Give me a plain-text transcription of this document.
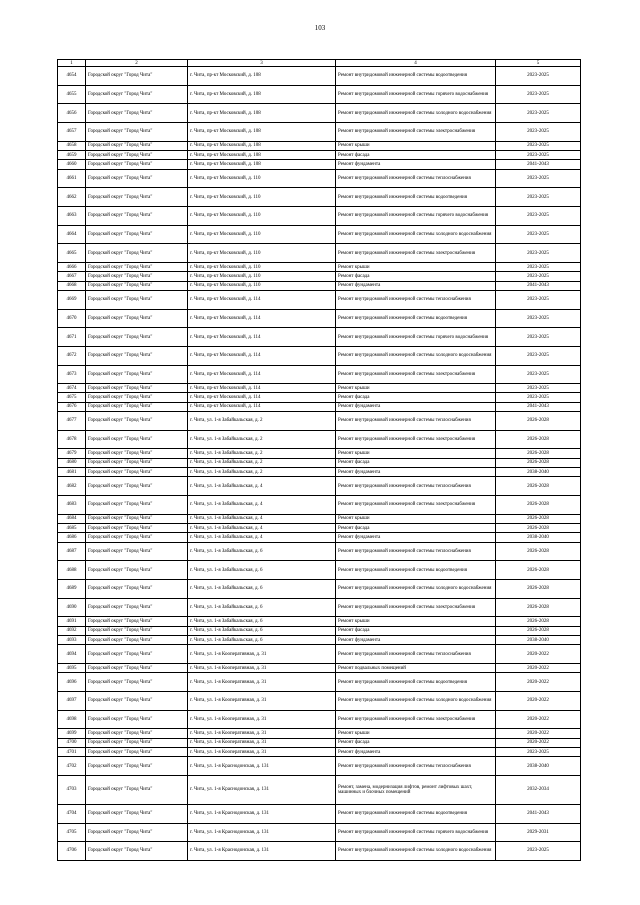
103
1	2	3	4	5
4654	Городской округ "Город Чита"	г. Чита, пр-кт Московский, д. 108	Ремонт внутридомовой инженерной системы водоотведения	2023-2025
4655	Городской округ "Город Чита"	г. Чита, пр-кт Московский, д. 108	Ремонт внутридомовой инженерной системы горячего водоснабжения	2023-2025
4656	Городской округ "Город Чита"	г. Чита, пр-кт Московский, д. 108	Ремонт внутридомовой инженерной системы холодного водоснабжения	2023-2025
4657	Городской округ "Город Чита"	г. Чита, пр-кт Московский, д. 108	Ремонт внутридомовой инженерной системы электроснабжения	2023-2025
4658	Городской округ "Город Чита"	г. Чита, пр-кт Московский, д. 108	Ремонт крыши	2023-2025
4659	Городской округ "Город Чита"	г. Чита, пр-кт Московский, д. 108	Ремонт фасада	2023-2025
4660	Городской округ "Город Чита"	г. Чита, пр-кт Московский, д. 108	Ремонт фундамента	2041-2043
4661	Городской округ "Город Чита"	г. Чита, пр-кт Московский, д. 110	Ремонт внутридомовой инженерной системы теплоснабжения	2023-2025
4662	Городской округ "Город Чита"	г. Чита, пр-кт Московский, д. 110	Ремонт внутридомовой инженерной системы водоотведения	2023-2025
4663	Городской округ "Город Чита"	г. Чита, пр-кт Московский, д. 110	Ремонт внутридомовой инженерной системы горячего водоснабжения	2023-2025
4664	Городской округ "Город Чита"	г. Чита, пр-кт Московский, д. 110	Ремонт внутридомовой инженерной системы холодного водоснабжения	2023-2025
4665	Городской округ "Город Чита"	г. Чита, пр-кт Московский, д. 110	Ремонт внутридомовой инженерной системы электроснабжения	2023-2025
4666	Городской округ "Город Чита"	г. Чита, пр-кт Московский, д. 110	Ремонт крыши	2023-2025
4667	Городской округ "Город Чита"	г. Чита, пр-кт Московский, д. 110	Ремонт фасада	2023-2025
4668	Городской округ "Город Чита"	г. Чита, пр-кт Московский, д. 110	Ремонт фундамента	2041-2043
4669	Городской округ "Город Чита"	г. Чита, пр-кт Московский, д. 114	Ремонт внутридомовой инженерной системы теплоснабжения	2023-2025
4670	Городской округ "Город Чита"	г. Чита, пр-кт Московский, д. 114	Ремонт внутридомовой инженерной системы водоотведения	2023-2025
4671	Городской округ "Город Чита"	г. Чита, пр-кт Московский, д. 114	Ремонт внутридомовой инженерной системы горячего водоснабжения	2023-2025
4672	Городской округ "Город Чита"	г. Чита, пр-кт Московский, д. 114	Ремонт внутридомовой инженерной системы холодного водоснабжения	2023-2025
4673	Городской округ "Город Чита"	г. Чита, пр-кт Московский, д. 114	Ремонт внутридомовой инженерной системы электроснабжения	2023-2025
4674	Городской округ "Город Чита"	г. Чита, пр-кт Московский, д. 114	Ремонт крыши	2023-2025
4675	Городской округ "Город Чита"	г. Чита, пр-кт Московский, д. 114	Ремонт фасада	2023-2025
4676	Городской округ "Город Чита"	г. Чита, пр-кт Московский, д. 114	Ремонт фундамента	2041-2043
4677	Городской округ "Город Чита"	г. Чита, ул. 1-я Забайкальская, д. 2	Ремонт внутридомовой инженерной системы теплоснабжения	2026-2028
4678	Городской округ "Город Чита"	г. Чита, ул. 1-я Забайкальская, д. 2	Ремонт внутридомовой инженерной системы электроснабжения	2026-2028
4679	Городской округ "Город Чита"	г. Чита, ул. 1-я Забайкальская, д. 2	Ремонт крыши	2026-2028
4680	Городской округ "Город Чита"	г. Чита, ул. 1-я Забайкальская, д. 2	Ремонт фасада	2026-2028
4681	Городской округ "Город Чита"	г. Чита, ул. 1-я Забайкальская, д. 2	Ремонт фундамента	2038-2040
4682	Городской округ "Город Чита"	г. Чита, ул. 1-я Забайкальская, д. 4	Ремонт внутридомовой инженерной системы теплоснабжения	2026-2028
4683	Городской округ "Город Чита"	г. Чита, ул. 1-я Забайкальская, д. 4	Ремонт внутридомовой инженерной системы электроснабжения	2026-2028
4684	Городской округ "Город Чита"	г. Чита, ул. 1-я Забайкальская, д. 4	Ремонт крыши	2026-2028
4685	Городской округ "Город Чита"	г. Чита, ул. 1-я Забайкальская, д. 4	Ремонт фасада	2026-2028
4686	Городской округ "Город Чита"	г. Чита, ул. 1-я Забайкальская, д. 4	Ремонт фундамента	2038-2040
4687	Городской округ "Город Чита"	г. Чита, ул. 1-я Забайкальская, д. 6	Ремонт внутридомовой инженерной системы теплоснабжения	2026-2028
4688	Городской округ "Город Чита"	г. Чита, ул. 1-я Забайкальская, д. 6	Ремонт внутридомовой инженерной системы водоотведения	2026-2028
4689	Городской округ "Город Чита"	г. Чита, ул. 1-я Забайкальская, д. 6	Ремонт внутридомовой инженерной системы холодного водоснабжения	2026-2028
4690	Городской округ "Город Чита"	г. Чита, ул. 1-я Забайкальская, д. 6	Ремонт внутридомовой инженерной системы электроснабжения	2026-2028
4691	Городской округ "Город Чита"	г. Чита, ул. 1-я Забайкальская, д. 6	Ремонт крыши	2026-2028
4692	Городской округ "Город Чита"	г. Чита, ул. 1-я Забайкальская, д. 6	Ремонт фасада	2026-2028
4693	Городской округ "Город Чита"	г. Чита, ул. 1-я Забайкальская, д. 6	Ремонт фундамента	2038-2040
4694	Городской округ "Город Чита"	г. Чита, ул. 1-я Кооперативная, д. 31	Ремонт внутридомовой инженерной системы теплоснабжения	2020-2022
4695	Городской округ "Город Чита"	г. Чита, ул. 1-я Кооперативная, д. 31	Ремонт подвальных помещений	2020-2022
4696	Городской округ "Город Чита"	г. Чита, ул. 1-я Кооперативная, д. 31	Ремонт внутридомовой инженерной системы водоотведения	2020-2022
4697	Городской округ "Город Чита"	г. Чита, ул. 1-я Кооперативная, д. 31	Ремонт внутридомовой инженерной системы холодного водоснабжения	2020-2022
4698	Городской округ "Город Чита"	г. Чита, ул. 1-я Кооперативная, д. 31	Ремонт внутридомовой инженерной системы электроснабжения	2020-2022
4699	Городской округ "Город Чита"	г. Чита, ул. 1-я Кооперативная, д. 31	Ремонт крыши	2020-2022
4700	Городской округ "Город Чита"	г. Чита, ул. 1-я Кооперативная, д. 31	Ремонт фасада	2020-2022
4701	Городской округ "Город Чита"	г. Чита, ул. 1-я Кооперативная, д. 31	Ремонт фундамента	2023-2025
4702	Городской округ "Город Чита"	г. Чита, ул. 1-я Краснодонская, д. 131	Ремонт внутридомовой инженерной системы теплоснабжения	2038-2040
4703	Городской округ "Город Чита"	г. Чита, ул. 1-я Краснодонская, д. 131	Ремонт, замена, модернизация лифтов, ремонт лифтовых шахт, машинных и блочных помещений	2032-2034
4704	Городской округ "Город Чита"	г. Чита, ул. 1-я Краснодонская, д. 131	Ремонт внутридомовой инженерной системы водоотведения	2041-2043
4705	Городской округ "Город Чита"	г. Чита, ул. 1-я Краснодонская, д. 131	Ремонт внутридомовой инженерной системы горячего водоснабжения	2029-2031
4706	Городской округ "Город Чита"	г. Чита, ул. 1-я Краснодонская, д. 131	Ремонт внутридомовой инженерной системы холодного водоснабжения	2023-2025
